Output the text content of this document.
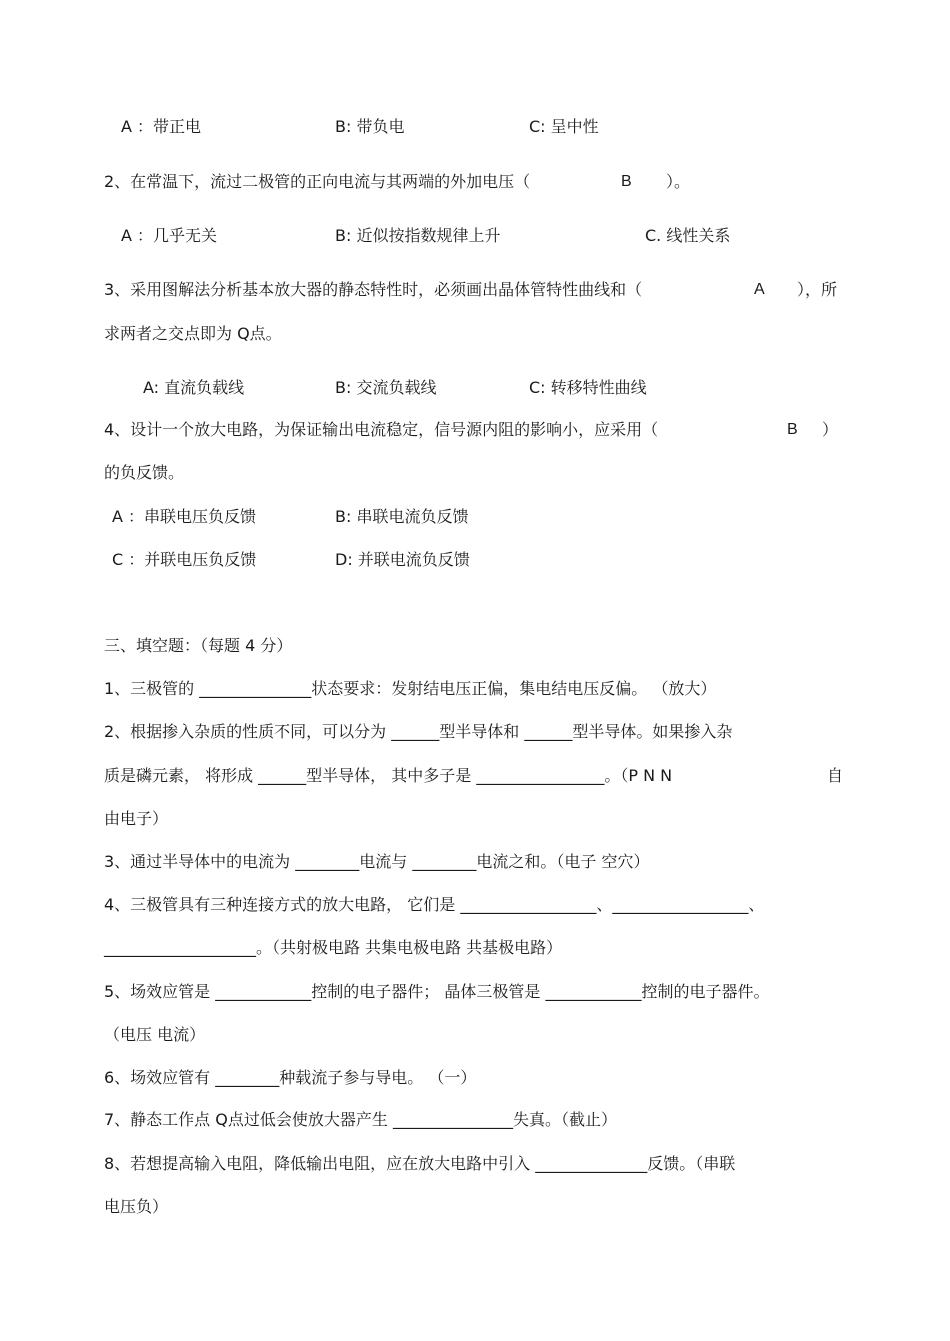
A ：带正电	B: 带负电	C: 呈中性
2、在常温下，流过二极管的正向电流与其两端的外加电压（	B ）。
A ：几乎无关	B: 近似按指数规律上升	C. 线性关系
3、采用图解法分析基本放大器的静态特性时，必须画出晶体管特性曲线和（	A ），所
求两者之交点即为 Q点。
A: 直流负载线	B: 交流负载线	C: 转移特性曲线
4、设计一个放大电路，为保证输出电流稳定，信号源内阻的影响小，应采用（	B ）
的负反馈。
A ：串联电压负反馈	B: 串联电流负反馈
C ：并联电压负反馈	D: 并联电流负反馈
三、填空题：（每题 4 分）
1、三极管的 ______________状态要求：发射结电压正偏，集电结电压反偏。 （放大）
2、根据掺入杂质的性质不同，可以分为 ______型半导体和 ______型半导体。如果掺入杂
质是磷元素， 将形成 ______型半导体， 其中多子是 ________________。（P N N	自
由电子）
3、通过半导体中的电流为 ________电流与 ________电流之和。（电子 空穴）
4、三极管具有三种连接方式的放大电路， 它们是 _________________、_________________、
___________________。（共射极电路 共集电极电路 共基极电路）
5、场效应管是 ____________控制的电子器件； 晶体三极管是 ____________控制的电子器件。
（电压 电流）
6、场效应管有 ________种载流子参与导电。 （一）
7、静态工作点 Q点过低会使放大器产生 _______________失真。（截止）
8、若想提高输入电阻，降低输出电阻，应在放大电路中引入 ______________反馈。（串联
电压负）
